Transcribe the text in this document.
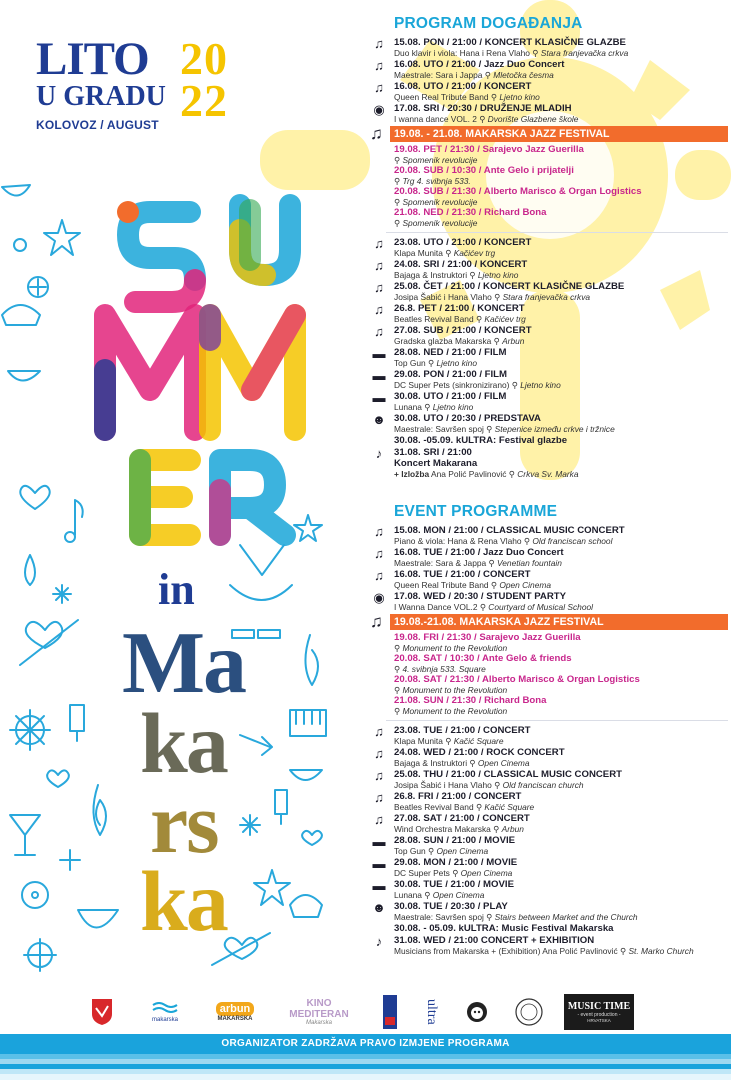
LITO
U GRADU
20
22
KOLOVOZ / AUGUST
in
Ma
ka
rs
ka
PROGRAM DOGAĐANJA
EVENT PROGRAMME
makarska
arbun
MAKARSKA
KINO MEDITERAN
Makarska	ultra	MUSIC TIME
- event production -
HRVATSKA
ORGANIZATOR ZADRŽAVA PRAVO IZMJENE PROGRAMA
♫	15.08. PON / 21:00 / KONCERT KLASIČNE GLAZBE
Duo klavir i viola: Hana i Rena Vlaho ⚲ Stara franjevačka crkva
♫	16.08. UTO / 21:00 / Jazz Duo Concert
Maestrale: Sara i Jappa ⚲ Mletočka česma
♫	16.08. UTO / 21:00 / KONCERT
Queen Real Tribute Band ⚲ Ljetno kino
◉ 17.08. SRI / 20:30 / DRUŽENJE MLADIH
I wanna dance VOL. 2 ⚲ Dvorište Glazbene škole
♫	19.08. - 21.08. MAKARSKA JAZZ FESTIVAL
19.08. PET / 21:30 / Sarajevo Jazz Guerilla
⚲ Spomenik revolucije
20.08. SUB / 10:30 / Ante Gelo i prijatelji
⚲ Trg 4. svibnja 533.
20.08. SUB / 21:30 / Alberto Marisco & Organ Logistics
⚲ Spomenik revolucije
21.08. NED / 21:30 / Richard Bona
⚲ Spomenik revolucije
♫	23.08. UTO / 21:00 / KONCERT
Klapa Munita ⚲ Kačićev trg
♫	24.08. SRI / 21:00 / KONCERT
Bajaga & Instruktori ⚲ Ljetno kino
♫	25.08. ČET / 21:00 / KONCERT KLASIČNE GLAZBE
Josipa Šabić i Hana Vlaho ⚲ Stara franjevačka crkva
♫	26.8. PET / 21:00 / KONCERT
Beatles Revival Band ⚲ Kačićev trg
♫	27.08. SUB / 21:00 / KONCERT
Gradska glazba Makarska ⚲ Arbun
▬ 28.08. NED / 21:00 / FILM
Top Gun ⚲ Ljetno kino
▬ 29.08. PON / 21:00 / FILM
DC Super Pets (sinkronizirano) ⚲ Ljetno kino
▬ 30.08. UTO / 21:00 / FILM
Lunana ⚲ Ljetno kino
☻ 30.08. UTO / 20:30 / PREDSTAVA
Maestrale: Savršen spoj ⚲ Stepenice između crkve i tržnice
30.08. -05.09. kULTRA: Festival glazbe
♪	31.08. SRI / 21:00
Koncert Makarana
+ Izložba Ana Polić Pavlinović ⚲ Crkva Sv. Marka
♫	15.08. MON / 21:00 / CLASSICAL MUSIC CONCERT
Piano & viola: Hana & Rena Vlaho ⚲ Old franciscan school
♫	16.08. TUE / 21:00 / Jazz Duo Concert
Maestrale: Sara & Jappa ⚲ Venetian fountain
♫	16.08. TUE / 21:00 / CONCERT
Queen Real Tribute Band ⚲ Open Cinema
◉ 17.08. WED / 20:30 / STUDENT PARTY
I Wanna Dance VOL.2 ⚲ Courtyard of Musical School
♫	19.08.-21.08. MAKARSKA JAZZ FESTIVAL
19.08. FRI / 21:30 / Sarajevo Jazz Guerilla
⚲ Monument to the Revolution
20.08. SAT / 10:30 / Ante Gelo & friends
⚲ 4. svibnja 533. Square
20.08. SAT / 21:30 / Alberto Marisco & Organ Logistics
⚲ Monument to the Revolution
21.08. SUN / 21:30 / Richard Bona
⚲ Monument to the Revolution
♫	23.08. TUE / 21:00 / CONCERT
Klapa Munita ⚲ Kačić Square
♫	24.08. WED / 21:00 / ROCK CONCERT
Bajaga & Instruktori ⚲ Open Cinema
♫	25.08. THU / 21:00 / CLASSICAL MUSIC CONCERT
Josipa Šabić i Hana Vlaho ⚲ Old franciscan church
♫	26.8. FRI / 21:00 / CONCERT
Beatles Revival Band ⚲ Kačić Square
♫	27.08. SAT / 21:00 / CONCERT
Wind Orchestra Makarska ⚲ Arbun
▬ 28.08. SUN / 21:00 / MOVIE
Top Gun ⚲ Open Cinema
▬ 29.08. MON / 21:00 / MOVIE
DC Super Pets ⚲ Open Cinema
▬ 30.08. TUE / 21:00 / MOVIE
Lunana ⚲ Open Cinema
☻ 30.08. TUE / 20:30 / PLAY
Maestrale: Savršen spoj ⚲ Stairs between Market and the Church
30.08. - 05.09. kULTRA: Music Festival Makarska
♪	31.08. WED / 21:00 CONCERT + EXHIBITION
Musicians from Makarska + (Exhibition) Ana Polić Pavlinović ⚲ St. Marko Church
